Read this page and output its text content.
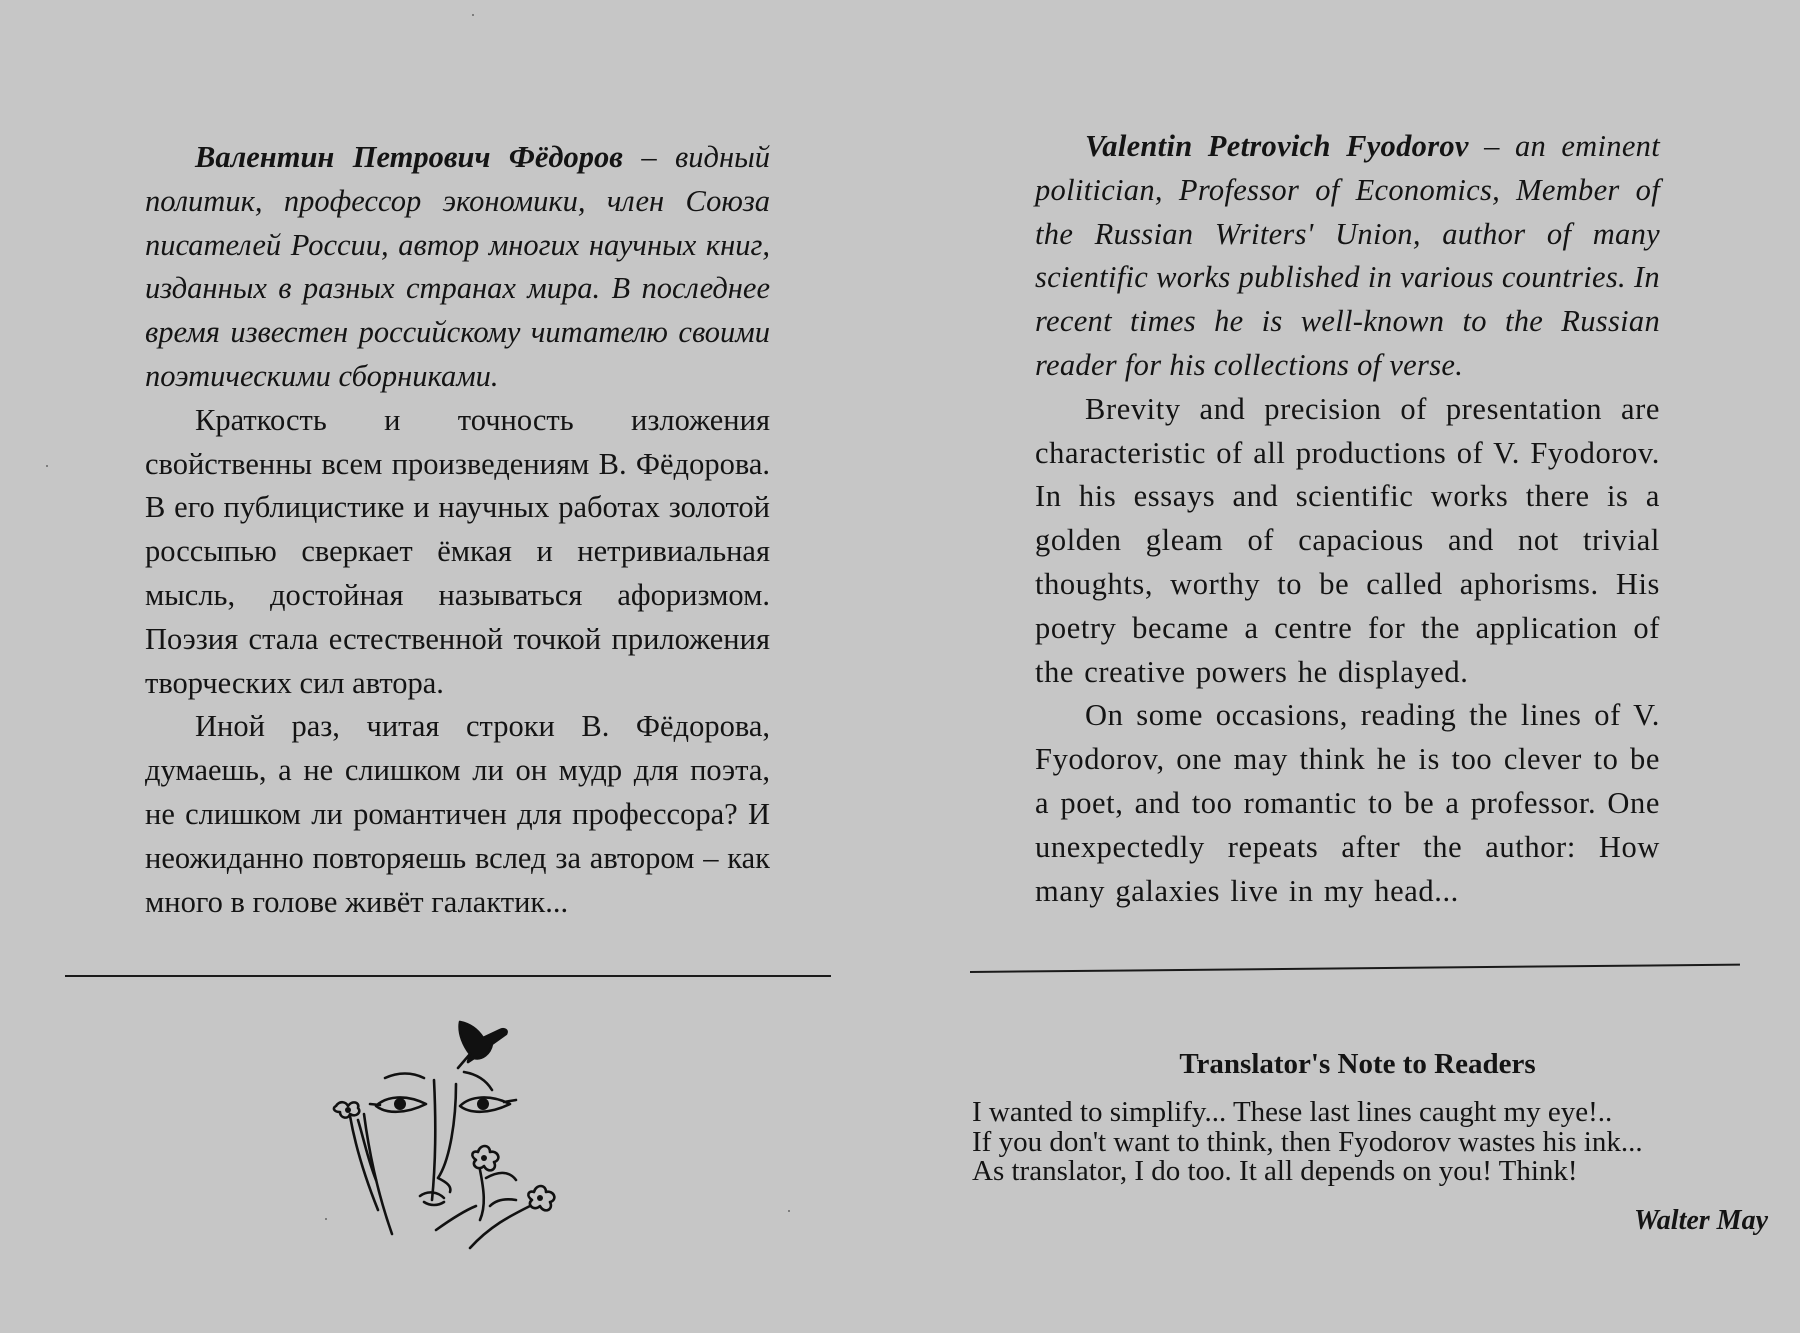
Валентин Петрович Фёдоров – видный политик, профессор экономики, член Союза писателей России, автор многих научных книг, изданных в разных странах мира. В последнее время известен российскому читателю своими поэтическими сборниками.

Краткость и точность изложения свойственны всем произведениям В. Фёдорова. В его публицистике и научных работах золотой россыпью сверкает ёмкая и нетривиальная мысль, достойная называться афоризмом. Поэзия стала естественной точкой приложения творческих сил автора.

Иной раз, читая строки В. Фёдорова, думаешь, а не слишком ли он мудр для поэта, не слишком ли романтичен для профессора? И неожиданно повторяешь вслед за автором – как много в голове живёт галактик...

Valentin Petrovich Fyodorov – an eminent politician, Professor of Economics, Member of the Russian Writers' Union, author of many scientific works published in various countries. In recent times he is well-known to the Russian reader for his collections of verse.

Brevity and precision of presentation are characteristic of all productions of V. Fyodorov. In his essays and scientific works there is a golden gleam of capacious and not trivial thoughts, worthy to be called aphorisms. His poetry became a centre for the application of the creative powers he displayed.

On some occasions, reading the lines of V. Fyodorov, one may think he is too clever to be a poet, and too romantic to be a professor. One unexpectedly repeats after the author: How many galaxies live in my head...

Translator's Note to Readers
I wanted to simplify... These last lines caught my eye!..
If you don't want to think, then Fyodorov wastes his ink...
As translator, I do too. It all depends on you! Think!
Walter May
